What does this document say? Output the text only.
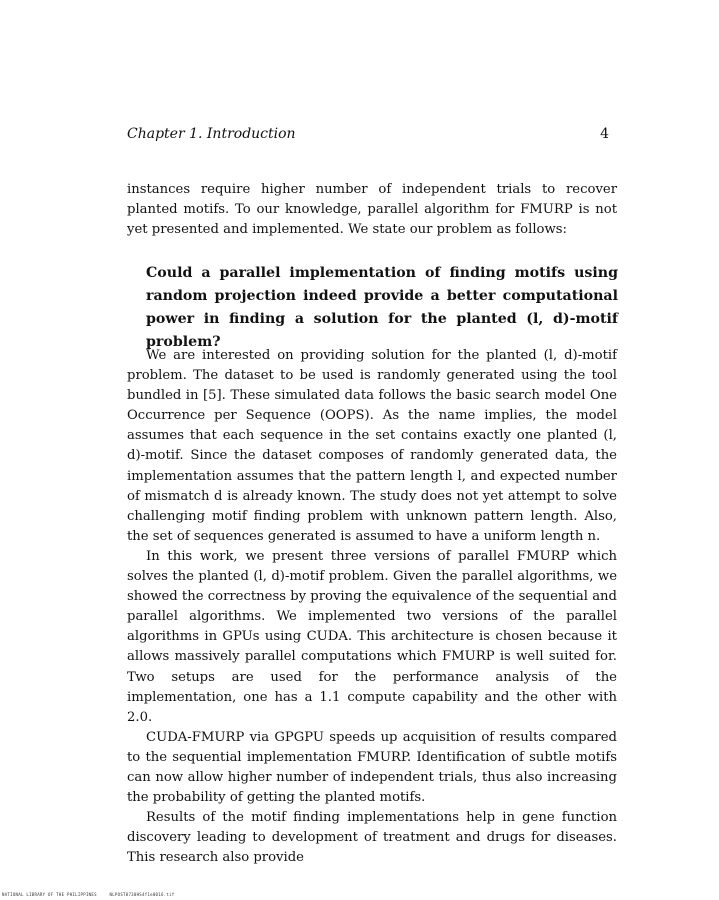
Chapter 1. Introduction	4

instances require higher number of independent trials to recover planted motifs. To our knowledge, parallel algorithm for FMURP is not yet presented and implemented. We state our problem as follows:

Could a parallel implementation of finding motifs using random projection indeed provide a better computational power in finding a solution for the planted (l, d)-motif problem?

We are interested on providing solution for the planted (l, d)-motif problem. The dataset to be used is randomly generated using the tool bundled in [5]. These simulated data follows the basic search model One Occurrence per Sequence (OOPS). As the name implies, the model assumes that each sequence in the set contains exactly one planted (l, d)-motif. Since the dataset composes of randomly generated data, the implementation assumes that the pattern length l, and expected number of mismatch d is already known. The study does not yet attempt to solve challenging motif finding problem with unknown pattern length. Also, the set of sequences generated is assumed to have a uniform length n.

In this work, we present three versions of parallel FMURP which solves the planted (l, d)-motif problem. Given the parallel algorithms, we showed the correctness by proving the equivalence of the sequential and parallel algorithms. We implemented two versions of the parallel algorithms in GPUs using CUDA. This architecture is chosen because it allows massively parallel computations which FMURP is well suited for. Two setups are used for the performance analysis of the implementation, one has a 1.1 compute capability and the other with 2.0.

CUDA-FMURP via GPGPU speeds up acquisition of results compared to the sequential implementation FMURP. Identification of subtle motifs can now allow higher number of independent trials, thus also increasing the probability of getting the planted motifs.

Results of the motif finding implementations help in gene function discovery leading to development of treatment and drugs for diseases. This research also provide

NATIONAL LIBRARY OF THE PHILIPPINES	NLPOST8730HS4f1e0016.tif
